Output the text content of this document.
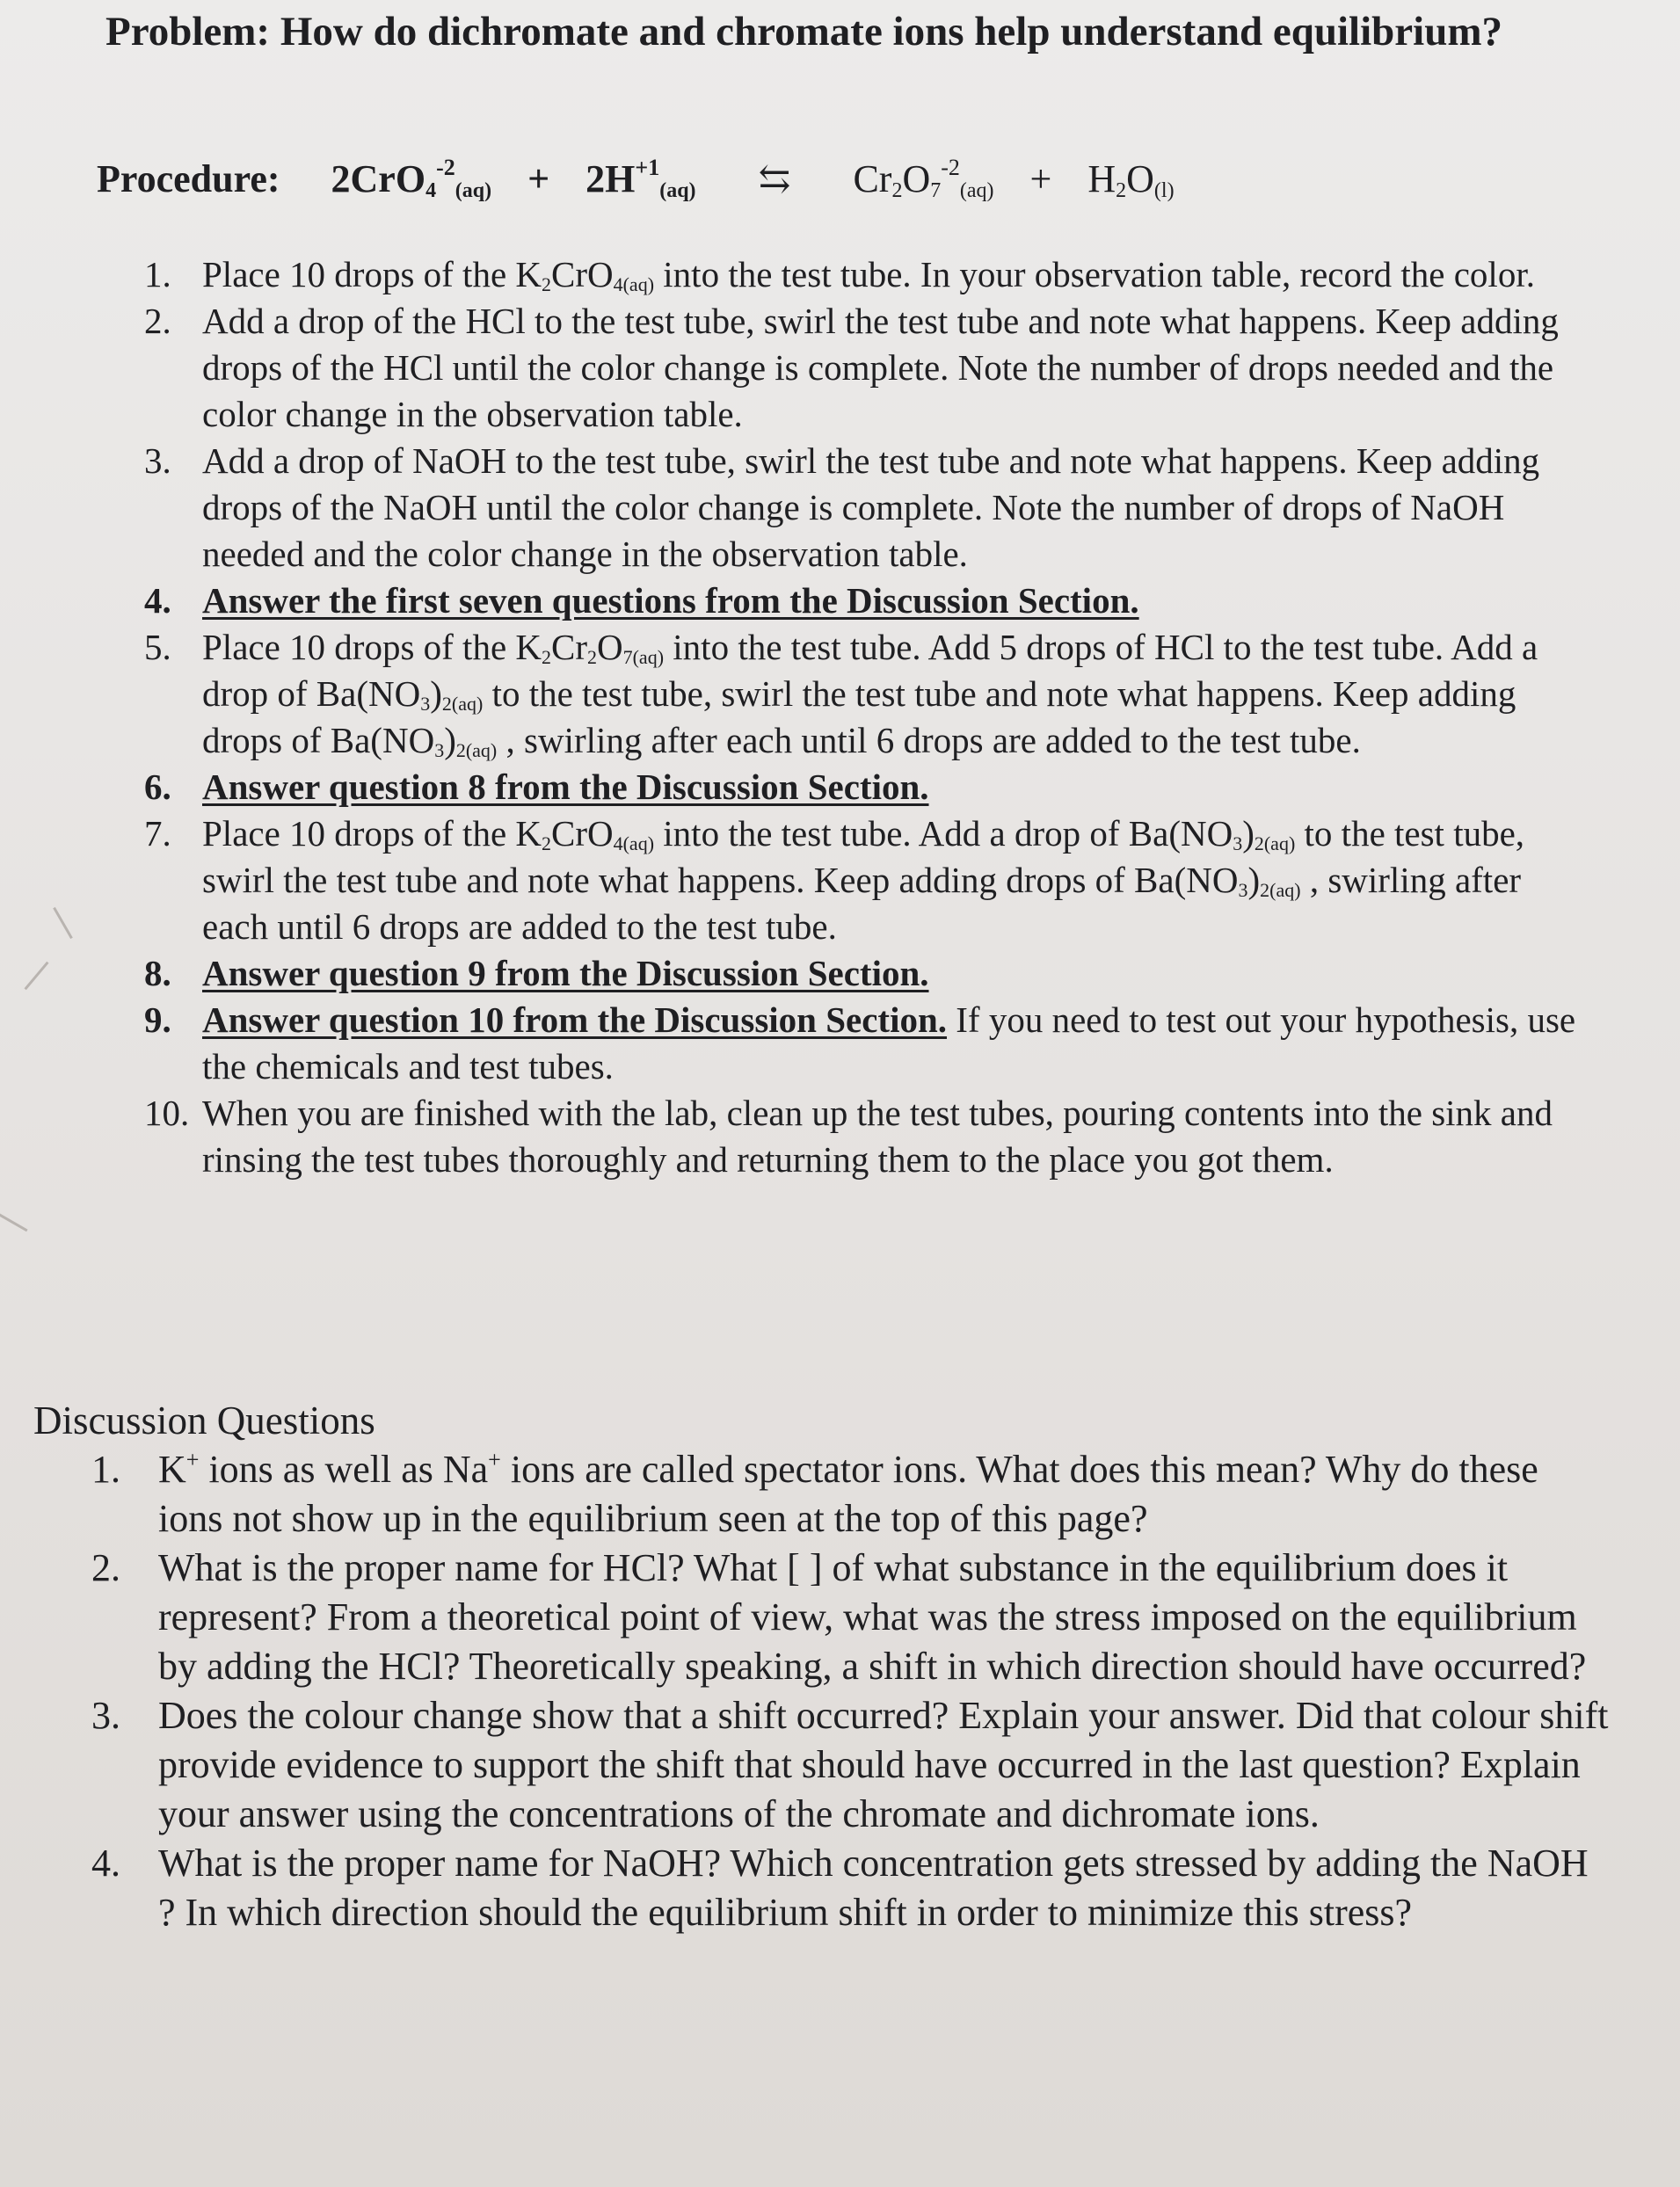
Problem: How do dichromate and chromate ions help understand equilibrium?
Procedure: $2CrO_4^{-2}_{(aq)} + 2H^{+1}_{(aq)}$ ⇆ $Cr_2O_7^{-2}_{(aq)} + H_2O_{(l)}$
1. Place 10 drops of the K2CrO4(aq) into the test tube. In your observation table, record the color.
2. Add a drop of the HCl to the test tube, swirl the test tube and note what happens. Keep adding drops of the HCl until the color change is complete. Note the number of drops needed and the color change in the observation table.
3. Add a drop of NaOH to the test tube, swirl the test tube and note what happens. Keep adding drops of the NaOH until the color change is complete. Note the number of drops of NaOH needed and the color change in the observation table.
4. Answer the first seven questions from the Discussion Section.
5. Place 10 drops of the K2Cr2O7(aq) into the test tube. Add 5 drops of HCl to the test tube. Add a drop of Ba(NO3)2(aq) to the test tube, swirl the test tube and note what happens. Keep adding drops of Ba(NO3)2(aq) , swirling after each until 6 drops are added to the test tube.
6. Answer question 8 from the Discussion Section.
7. Place 10 drops of the K2CrO4(aq) into the test tube. Add a drop of Ba(NO3)2(aq) to the test tube, swirl the test tube and note what happens. Keep adding drops of Ba(NO3)2(aq) , swirling after each until 6 drops are added to the test tube.
8. Answer question 9 from the Discussion Section.
9. Answer question 10 from the Discussion Section. If you need to test out your hypothesis, use the chemicals and test tubes.
10. When you are finished with the lab, clean up the test tubes, pouring contents into the sink and rinsing the test tubes thoroughly and returning them to the place you got them.
Discussion Questions
1. K+ ions as well as Na+ ions are called spectator ions. What does this mean? Why do these ions not show up in the equilibrium seen at the top of this page?
2. What is the proper name for HCl? What [ ] of what substance in the equilibrium does it represent? From a theoretical point of view, what was the stress imposed on the equilibrium by adding the HCl? Theoretically speaking, a shift in which direction should have occurred?
3. Does the colour change show that a shift occurred? Explain your answer. Did that colour shift provide evidence to support the shift that should have occurred in the last question? Explain your answer using the concentrations of the chromate and dichromate ions.
4. What is the proper name for NaOH? Which concentration gets stressed by adding the NaOH ? In which direction should the equilibrium shift in order to minimize this stress?
